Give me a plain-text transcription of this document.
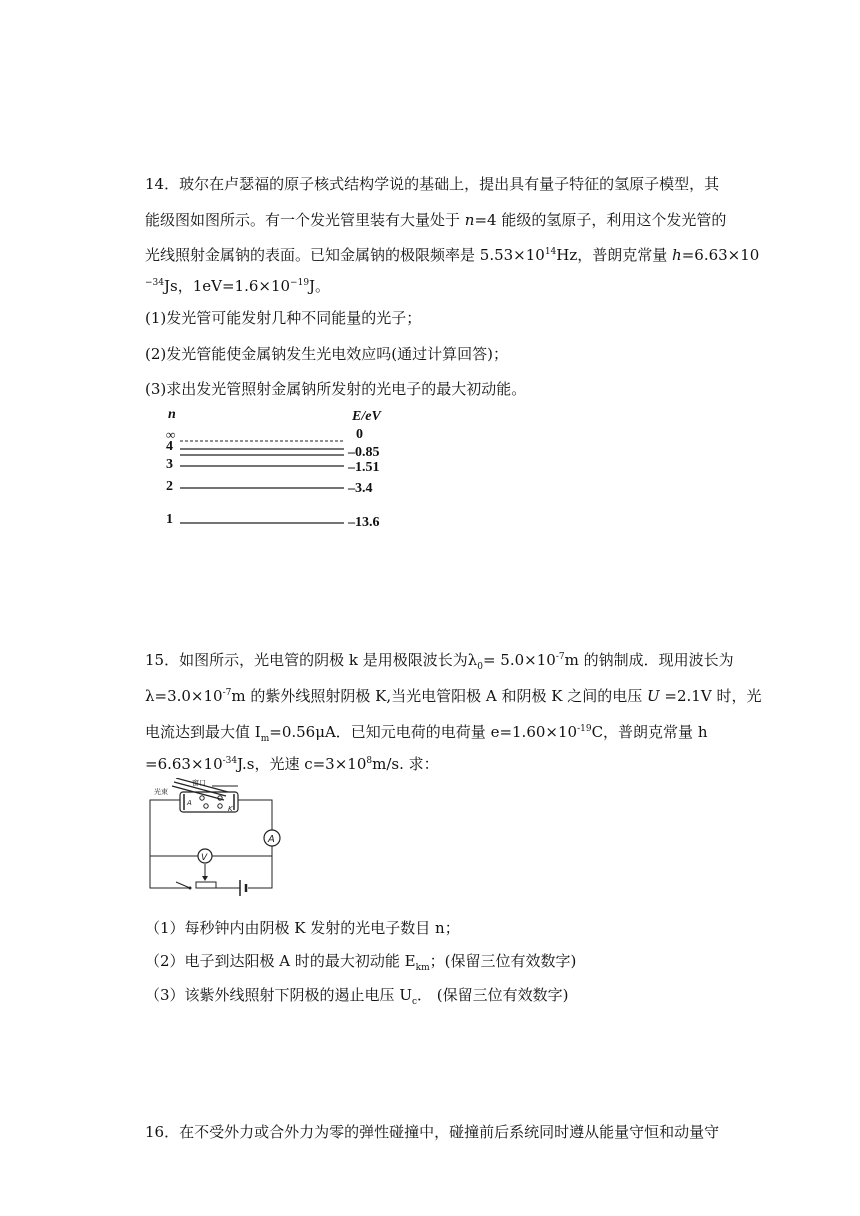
14．玻尔在卢瑟福的原子核式结构学说的基础上，提出具有量子特征的氢原子模型，其
能级图如图所示。有一个发光管里装有大量处于 n=4 能级的氢原子，利用这个发光管的
光线照射金属钠的表面。已知金属钠的极限频率是 $5.53\times 10^{14}Hz$，普朗克常量 h=6.63×10
$^{-34}$Js，$1eV=1.6\times 10^{-19}J$。
(1)发光管可能发射几种不同能量的光子；
(2)发光管能使金属钠发生光电效应吗(通过计算回答)；
(3)求出发光管照射金属钠所发射的光电子的最大初动能。
n	E/eV
∞
4
3
2
1
0
–0.85
–1.51
–3.4
–13.6
15．如图所示，光电管的阴极 k 是用极限波长为$\lambda_0= 5.0\times 10^{-7}m$ 的钠制成．现用波长为
$\lambda=3.0\times 10^{-7}m$ 的紫外线照射阴极 K,当光电管阳极 A 和阴极 K 之间的电压 U =2.1V 时，光
电流达到最大值 $I_m=0.56\mu A$．已知元电荷的电荷量 $e=1.60\times 10^{-19}C$，普朗克常量 h
$=6.63\times 10^{-34}J.s$，光速 $c=3\times 10^8m/s$. 求：
窗口
光束
A
K
A
V
（1）每秒钟内由阴极 K 发射的光电子数目 n；
（2）电子到达阳极 A 时的最大初动能 $E_{km}$；(保留三位有效数字)
（3）该紫外线照射下阴极的遏止电压 $U_c$． (保留三位有效数字)
16．在不受外力或合外力为零的弹性碰撞中，碰撞前后系统同时遵从能量守恒和动量守
